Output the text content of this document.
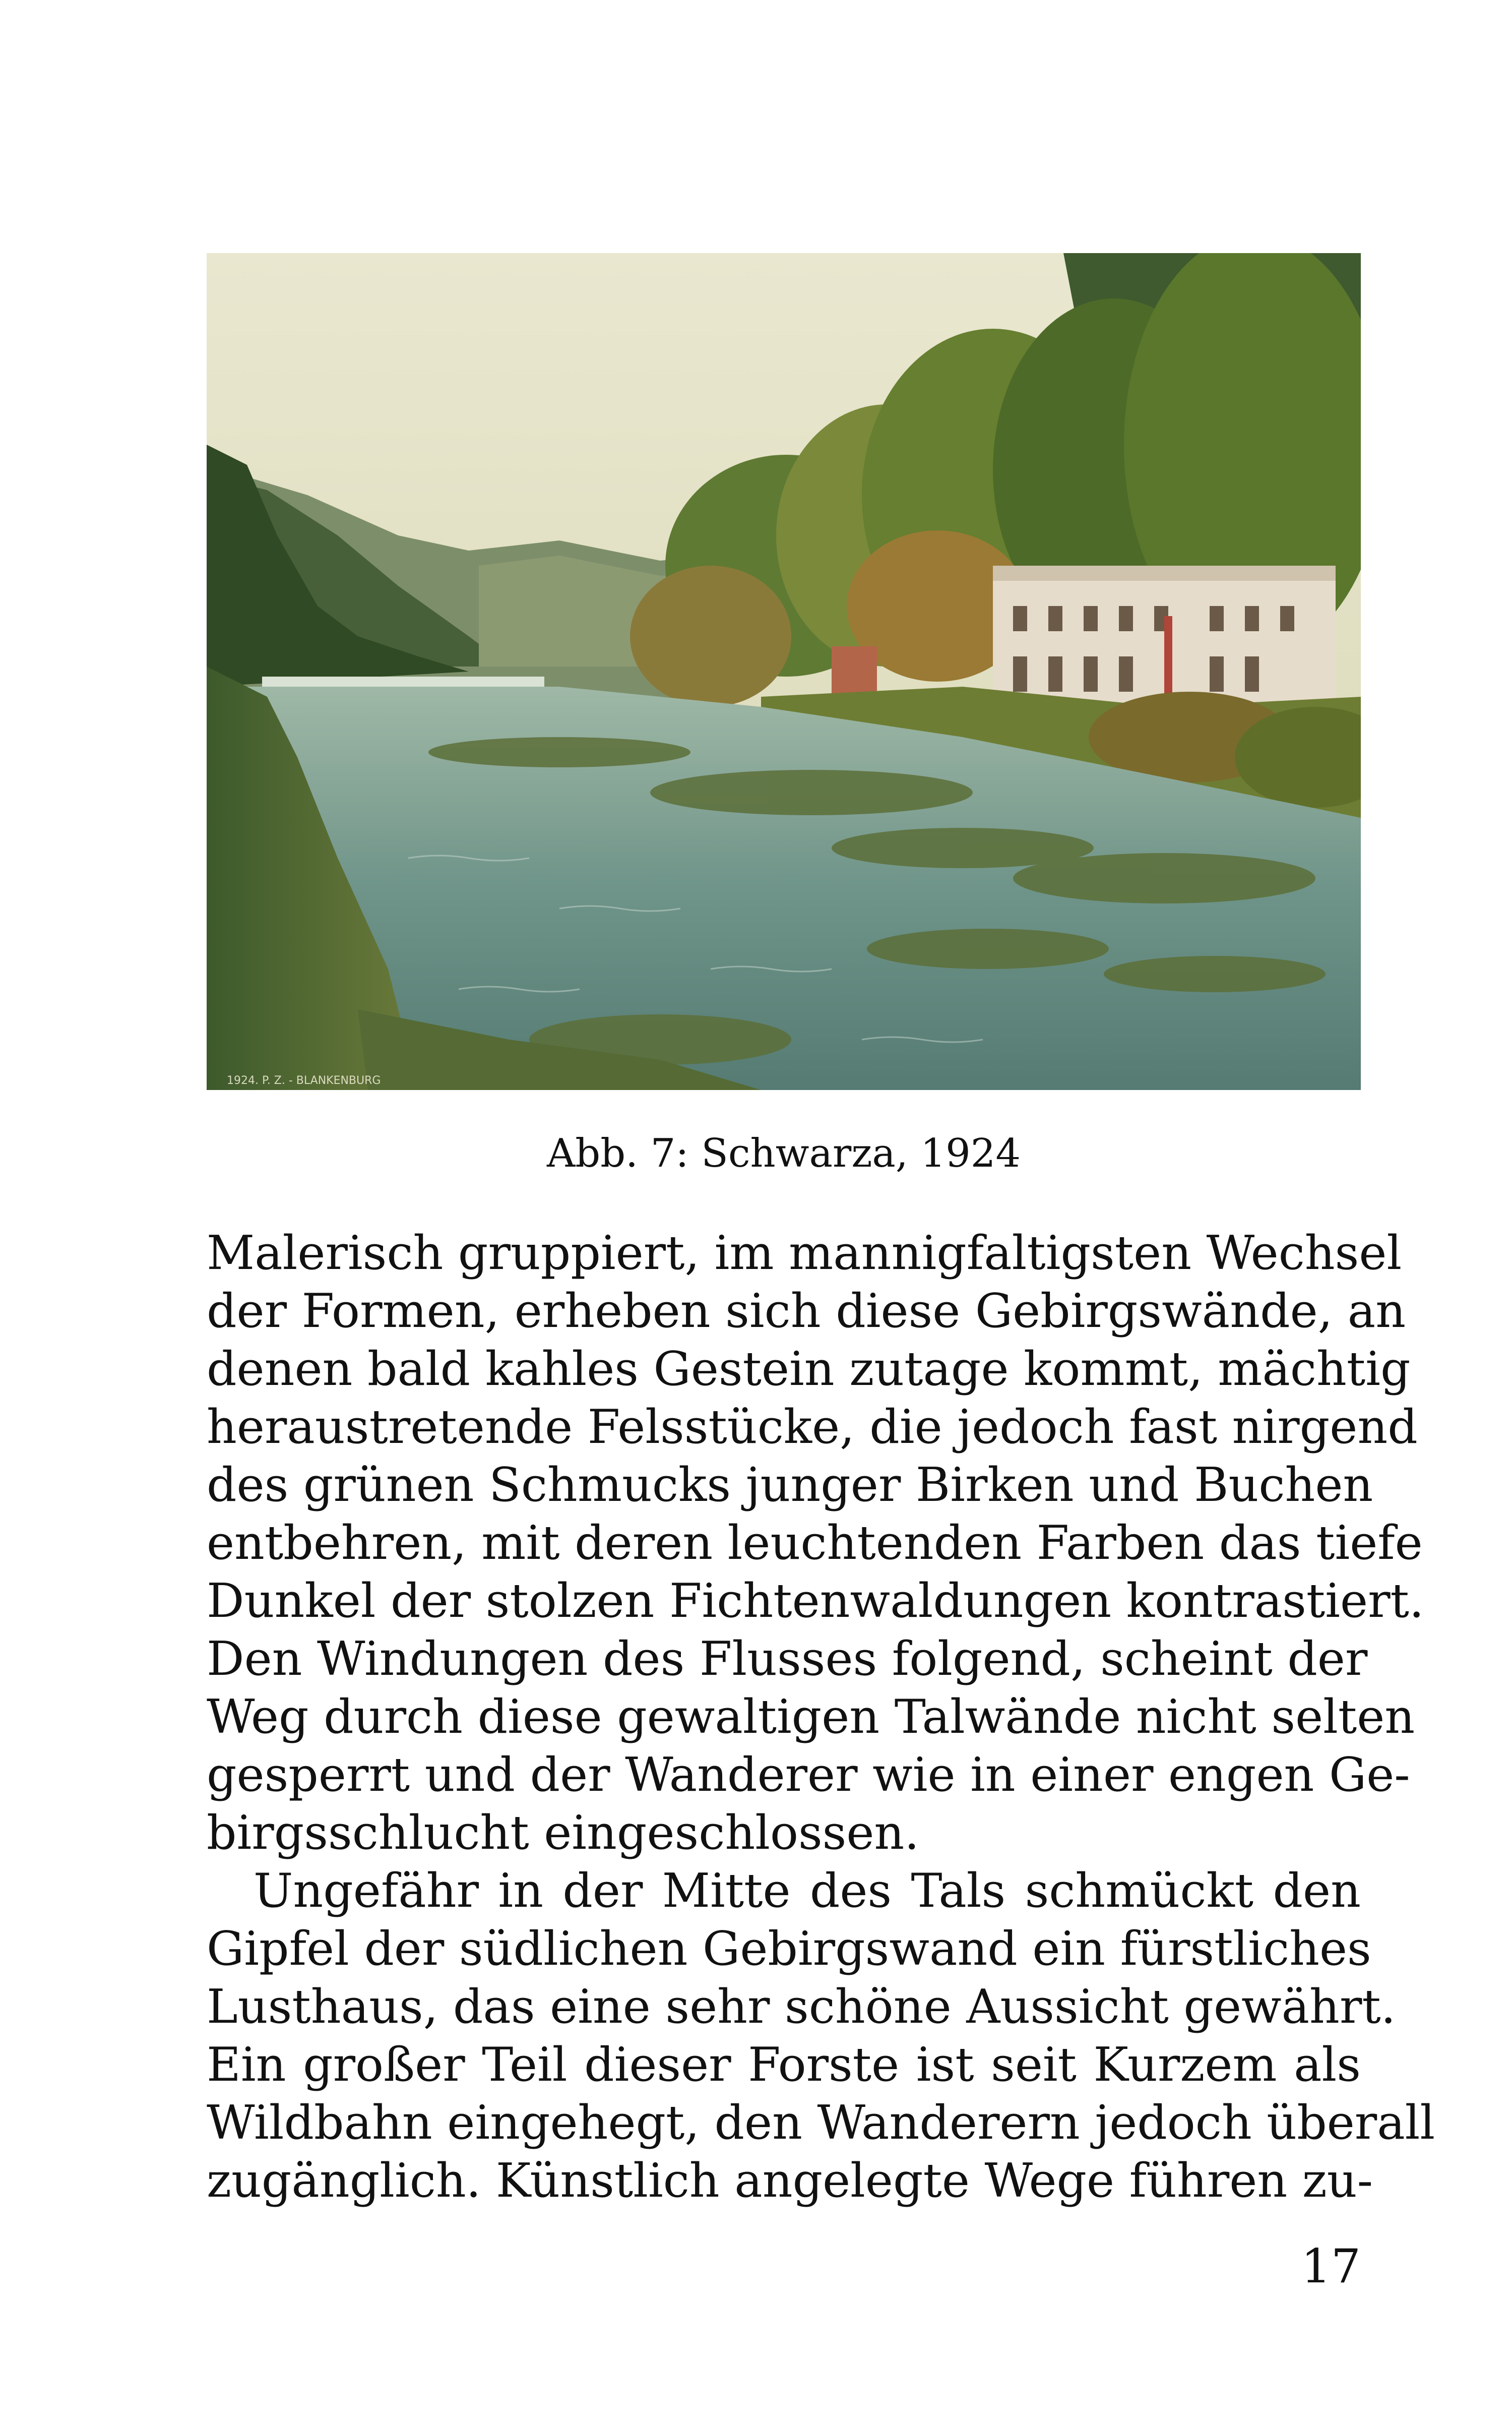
1924. P. Z. - BLANKENBURG
Abb. 7: Schwarza, 1924
Malerisch gruppiert, im mannigfaltigsten Wechsel
der Formen, erheben sich diese Gebirgswände, an
denen bald kahles Gestein zutage kommt, mächtig
heraustretende Felsstücke, die jedoch fast nirgend
des grünen Schmucks junger Birken und Buchen
entbehren, mit deren leuchtenden Farben das tiefe
Dunkel der stolzen Fichtenwaldungen kontrastiert.
Den Windungen des Flusses folgend, scheint der
Weg durch diese gewaltigen Talwände nicht selten
gesperrt und der Wanderer wie in einer engen Ge-
birgsschlucht eingeschlossen.
Ungefähr in der Mitte des Tals schmückt den
Gipfel der südlichen Gebirgswand ein fürstliches
Lusthaus, das eine sehr schöne Aussicht gewährt.
Ein großer Teil dieser Forste ist seit Kurzem als
Wildbahn eingehegt, den Wanderern jedoch überall
zugänglich. Künstlich angelegte Wege führen zu-
17
